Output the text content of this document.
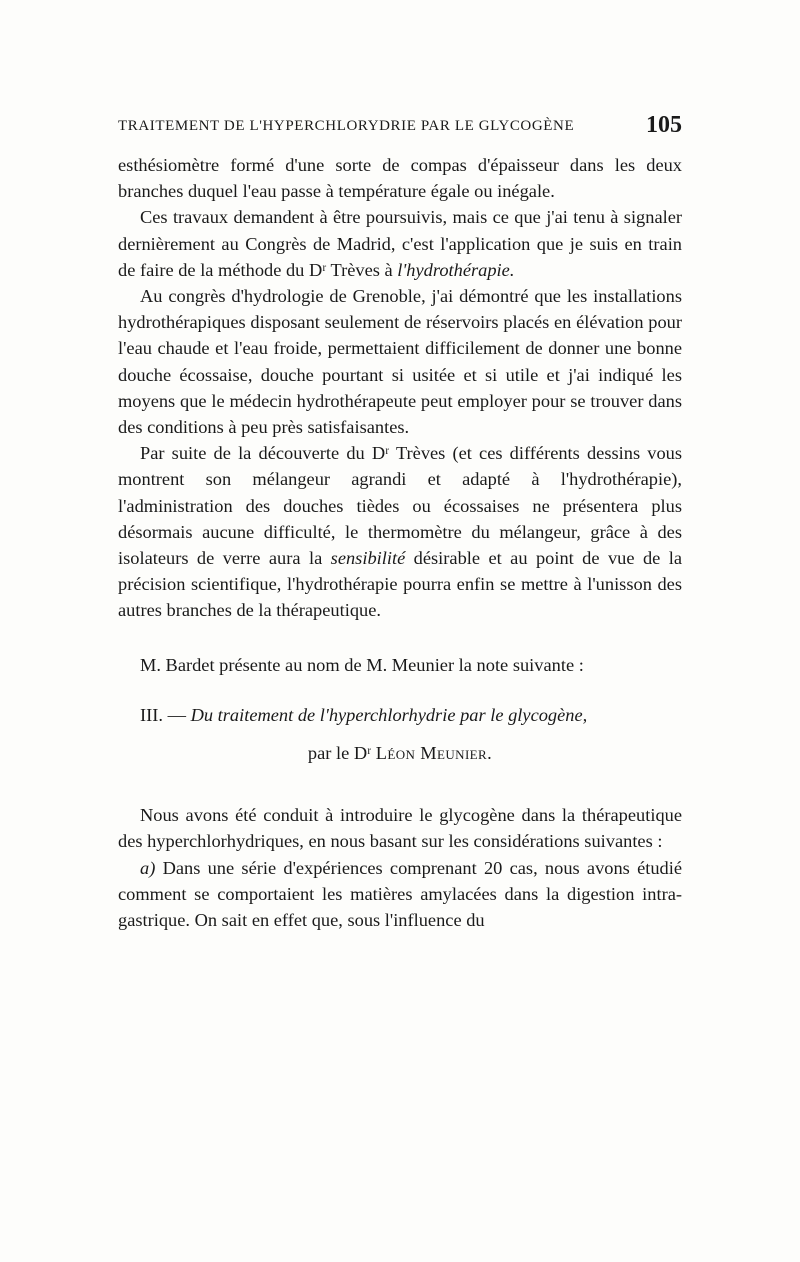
TRAITEMENT DE L'HYPERCHLORYDRIE PAR LE GLYCOGÈNE	105

esthésiomètre formé d'une sorte de compas d'épaisseur dans les deux branches duquel l'eau passe à température égale ou inégale.

Ces travaux demandent à être poursuivis, mais ce que j'ai tenu à signaler dernièrement au Congrès de Madrid, c'est l'application que je suis en train de faire de la méthode du Dʳ Trèves à l'hydrothérapie.

Au congrès d'hydrologie de Grenoble, j'ai démontré que les installations hydrothérapiques disposant seulement de réservoirs placés en élévation pour l'eau chaude et l'eau froide, permettaient difficilement de donner une bonne douche écossaise, douche pourtant si usitée et si utile et j'ai indiqué les moyens que le médecin hydrothérapeute peut employer pour se trouver dans des conditions à peu près satisfaisantes.

Par suite de la découverte du Dʳ Trèves (et ces différents dessins vous montrent son mélangeur agrandi et adapté à l'hydrothérapie), l'administration des douches tièdes ou écossaises ne présentera plus désormais aucune difficulté, le thermomètre du mélangeur, grâce à des isolateurs de verre aura la sensibilité désirable et au point de vue de la précision scientifique, l'hydrothérapie pourra enfin se mettre à l'unisson des autres branches de la thérapeutique.

M. Bardet présente au nom de M. Meunier la note suivante :

III. — Du traitement de l'hyperchlorhydrie par le glycogène,

par le Dʳ Léon Meunier.

Nous avons été conduit à introduire le glycogène dans la thérapeutique des hyperchlorhydriques, en nous basant sur les considérations suivantes :

a) Dans une série d'expériences comprenant 20 cas, nous avons étudié comment se comportaient les matières amylacées dans la digestion intra-gastrique. On sait en effet que, sous l'influence du
